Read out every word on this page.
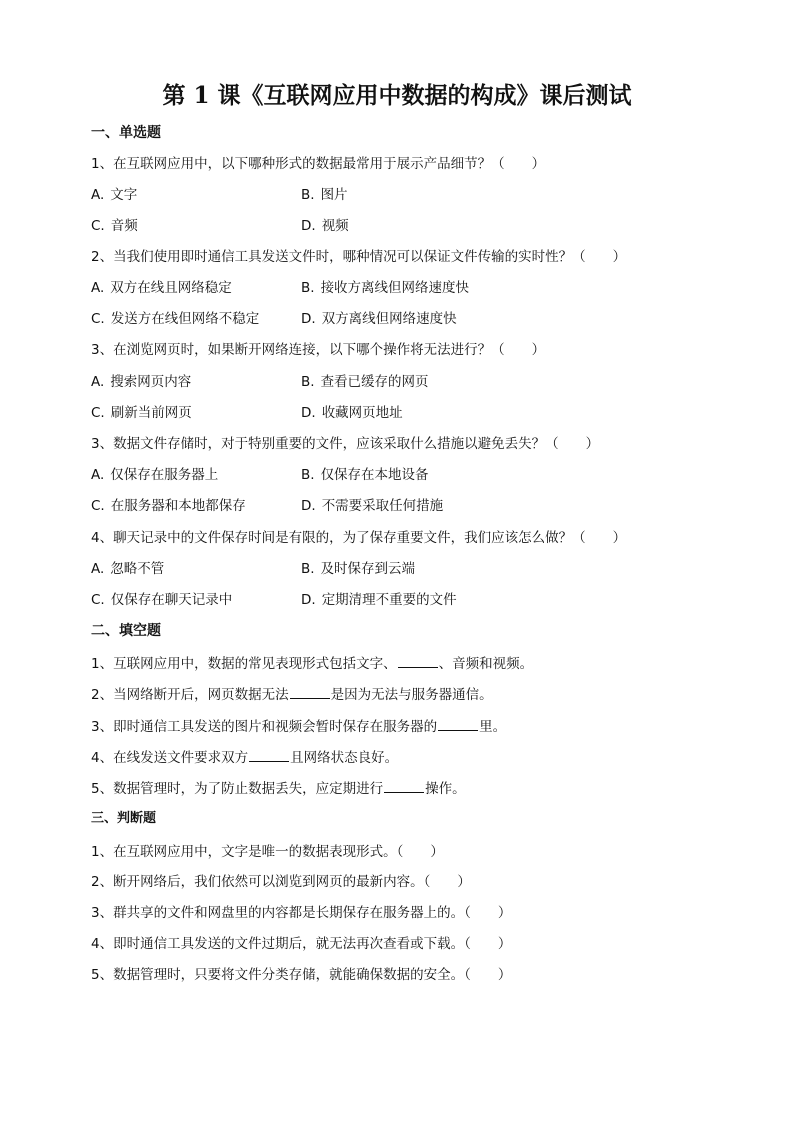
第 1 课《互联网应用中数据的构成》课后测试
一、单选题
1、在互联网应用中，以下哪种形式的数据最常用于展示产品细节？（　　）
A. 文字	B. 图片
C. 音频	D. 视频
2、当我们使用即时通信工具发送文件时，哪种情况可以保证文件传输的实时性？（　　）
A. 双方在线且网络稳定	B. 接收方离线但网络速度快
C. 发送方在线但网络不稳定	D. 双方离线但网络速度快
3、在浏览网页时，如果断开网络连接，以下哪个操作将无法进行？（　　）
A. 搜索网页内容	B. 查看已缓存的网页
C. 刷新当前网页	D. 收藏网页地址
3、数据文件存储时，对于特别重要的文件，应该采取什么措施以避免丢失？（　　）
A. 仅保存在服务器上	B. 仅保存在本地设备
C. 在服务器和本地都保存	D. 不需要采取任何措施
4、聊天记录中的文件保存时间是有限的，为了保存重要文件，我们应该怎么做？（　　）
A. 忽略不管	B. 及时保存到云端
C. 仅保存在聊天记录中	D. 定期清理不重要的文件
二、填空题
1、互联网应用中，数据的常见表现形式包括文字、	、音频和视频。
2、当网络断开后，网页数据无法	是因为无法与服务器通信。
3、即时通信工具发送的图片和视频会暂时保存在服务器的	里。
4、在线发送文件要求双方	且网络状态良好。
5、数据管理时，为了防止数据丢失，应定期进行	操作。
三、判断题
1、在互联网应用中，文字是唯一的数据表现形式。（　　）
2、断开网络后，我们依然可以浏览到网页的最新内容。（　　）
3、群共享的文件和网盘里的内容都是长期保存在服务器上的。（　　）
4、即时通信工具发送的文件过期后，就无法再次查看或下载。（　　）
5、数据管理时，只要将文件分类存储，就能确保数据的安全。（　　）
